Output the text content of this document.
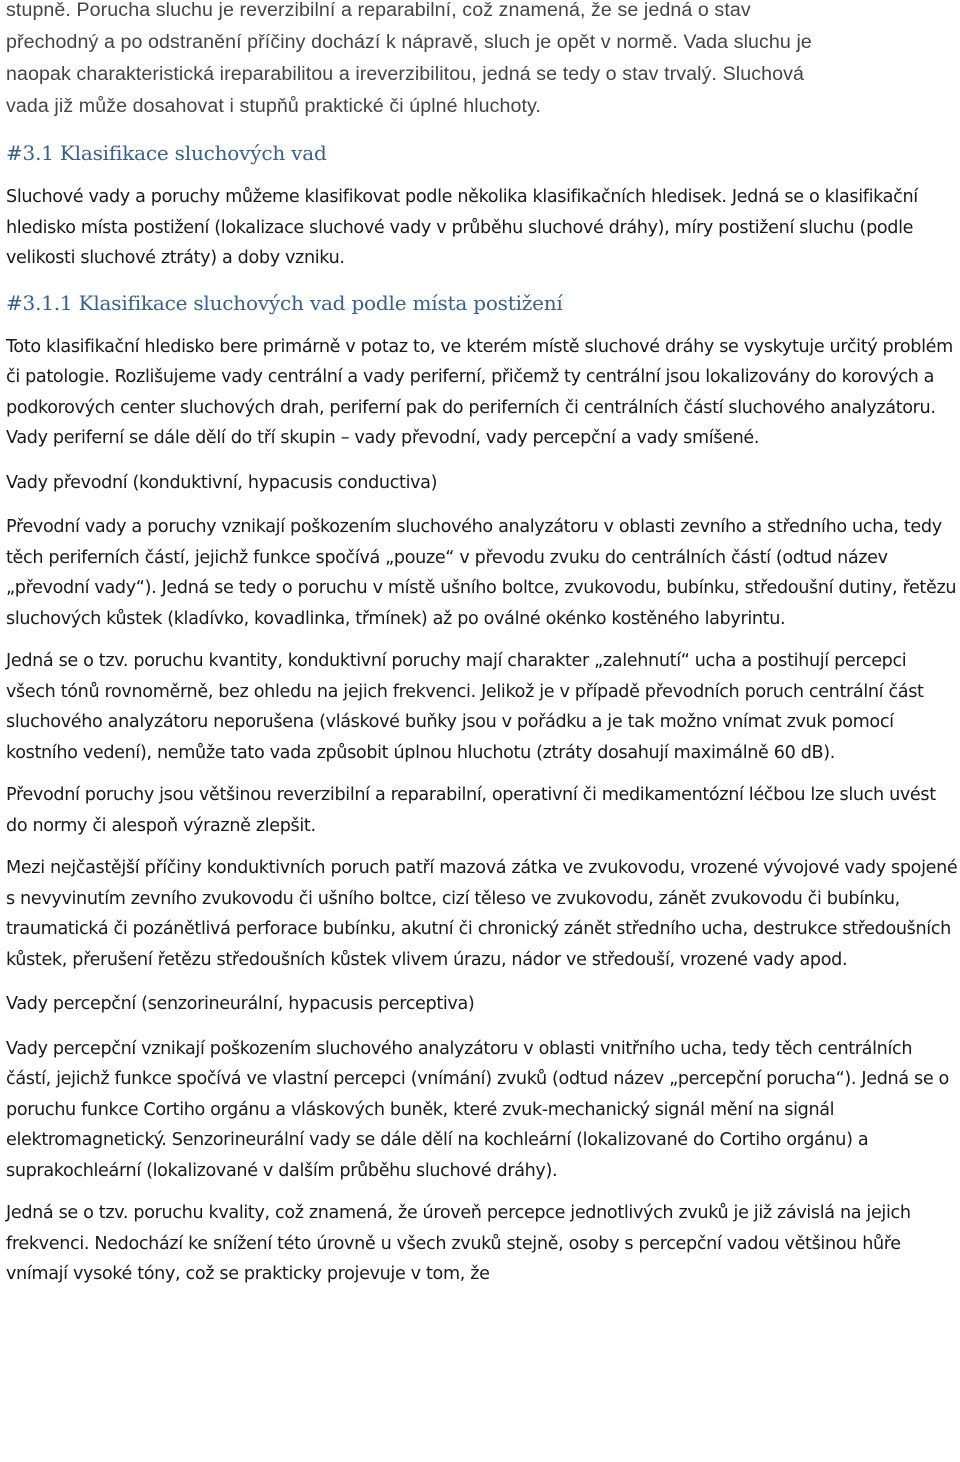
stupně. Porucha sluchu je reverzibilní a reparabilní, což znamená, že se jedná o stav

přechodný a po odstranění příčiny dochází k nápravě, sluch je opět v normě. Vada sluchu je

naopak charakteristická ireparabilitou a ireverzibilitou, jedná se tedy o stav trvalý. Sluchová

vada již může dosahovat i stupňů praktické či úplné hluchoty.

#3.1 Klasifikace sluchových vad

Sluchové vady a poruchy můžeme klasifikovat podle několika klasifikačních hledisek. Jedná se o klasifikační hledisko místa postižení (lokalizace sluchové vady v průběhu sluchové dráhy), míry postižení sluchu (podle velikosti sluchové ztráty) a doby vzniku.

#3.1.1 Klasifikace sluchových vad podle místa postižení

Toto klasifikační hledisko bere primárně v potaz to, ve kterém místě sluchové dráhy se vyskytuje určitý problém či patologie. Rozlišujeme vady centrální a vady periferní, přičemž ty centrální jsou lokalizovány do korových a podkorových center sluchových drah, periferní pak do periferních či centrálních částí sluchového analyzátoru. Vady periferní se dále dělí do tří skupin – vady převodní, vady percepční a vady smíšené.

Vady převodní (konduktivní, hypacusis conductiva)

Převodní vady a poruchy vznikají poškozením sluchového analyzátoru v oblasti zevního a středního ucha, tedy těch periferních částí, jejichž funkce spočívá „pouze“ v převodu zvuku do centrálních částí (odtud název „převodní vady“). Jedná se tedy o poruchu v místě ušního boltce, zvukovodu, bubínku, středoušní dutiny, řetězu sluchových kůstek (kladívko, kovadlinka, třmínek) až po oválné okénko kostěného labyrintu.

Jedná se o tzv. poruchu kvantity, konduktivní poruchy mají charakter „zalehnutí“ ucha a postihují percepci všech tónů rovnoměrně, bez ohledu na jejich frekvenci. Jelikož je v případě převodních poruch centrální část sluchového analyzátoru neporušena (vláskové buňky jsou v pořádku a je tak možno vnímat zvuk pomocí kostního vedení), nemůže tato vada způsobit úplnou hluchotu (ztráty dosahují maximálně 60 dB).

Převodní poruchy jsou většinou reverzibilní a reparabilní, operativní či medikamentózní léčbou lze sluch uvést do normy či alespoň výrazně zlepšit.

Mezi nejčastější příčiny konduktivních poruch patří mazová zátka ve zvukovodu, vrozené vývojové vady spojené s nevyvinutím zevního zvukovodu či ušního boltce, cizí těleso ve zvukovodu, zánět zvukovodu či bubínku, traumatická či pozánětlivá perforace bubínku, akutní či chronický zánět středního ucha, destrukce středoušních kůstek, přerušení řetězu středoušních kůstek vlivem úrazu, nádor ve středouší, vrozené vady apod.

Vady percepční (senzorineurální, hypacusis perceptiva)

Vady percepční vznikají poškozením sluchového analyzátoru v oblasti vnitřního ucha, tedy těch centrálních částí, jejichž funkce spočívá ve vlastní percepci (vnímání) zvuků (odtud název „percepční porucha“). Jedná se o poruchu funkce Cortiho orgánu a vláskových buněk, které zvuk-mechanický signál mění na signál elektromagnetický. Senzorineurální vady se dále dělí na kochleární (lokalizované do Cortiho orgánu) a suprakochleární (lokalizované v dalším průběhu sluchové dráhy).

Jedná se o tzv. poruchu kvality, což znamená, že úroveň percepce jednotlivých zvuků je již závislá na jejich frekvenci. Nedochází ke snížení této úrovně u všech zvuků stejně, osoby s percepční vadou většinou hůře vnímají vysoké tóny, což se prakticky projevuje v tom, že
